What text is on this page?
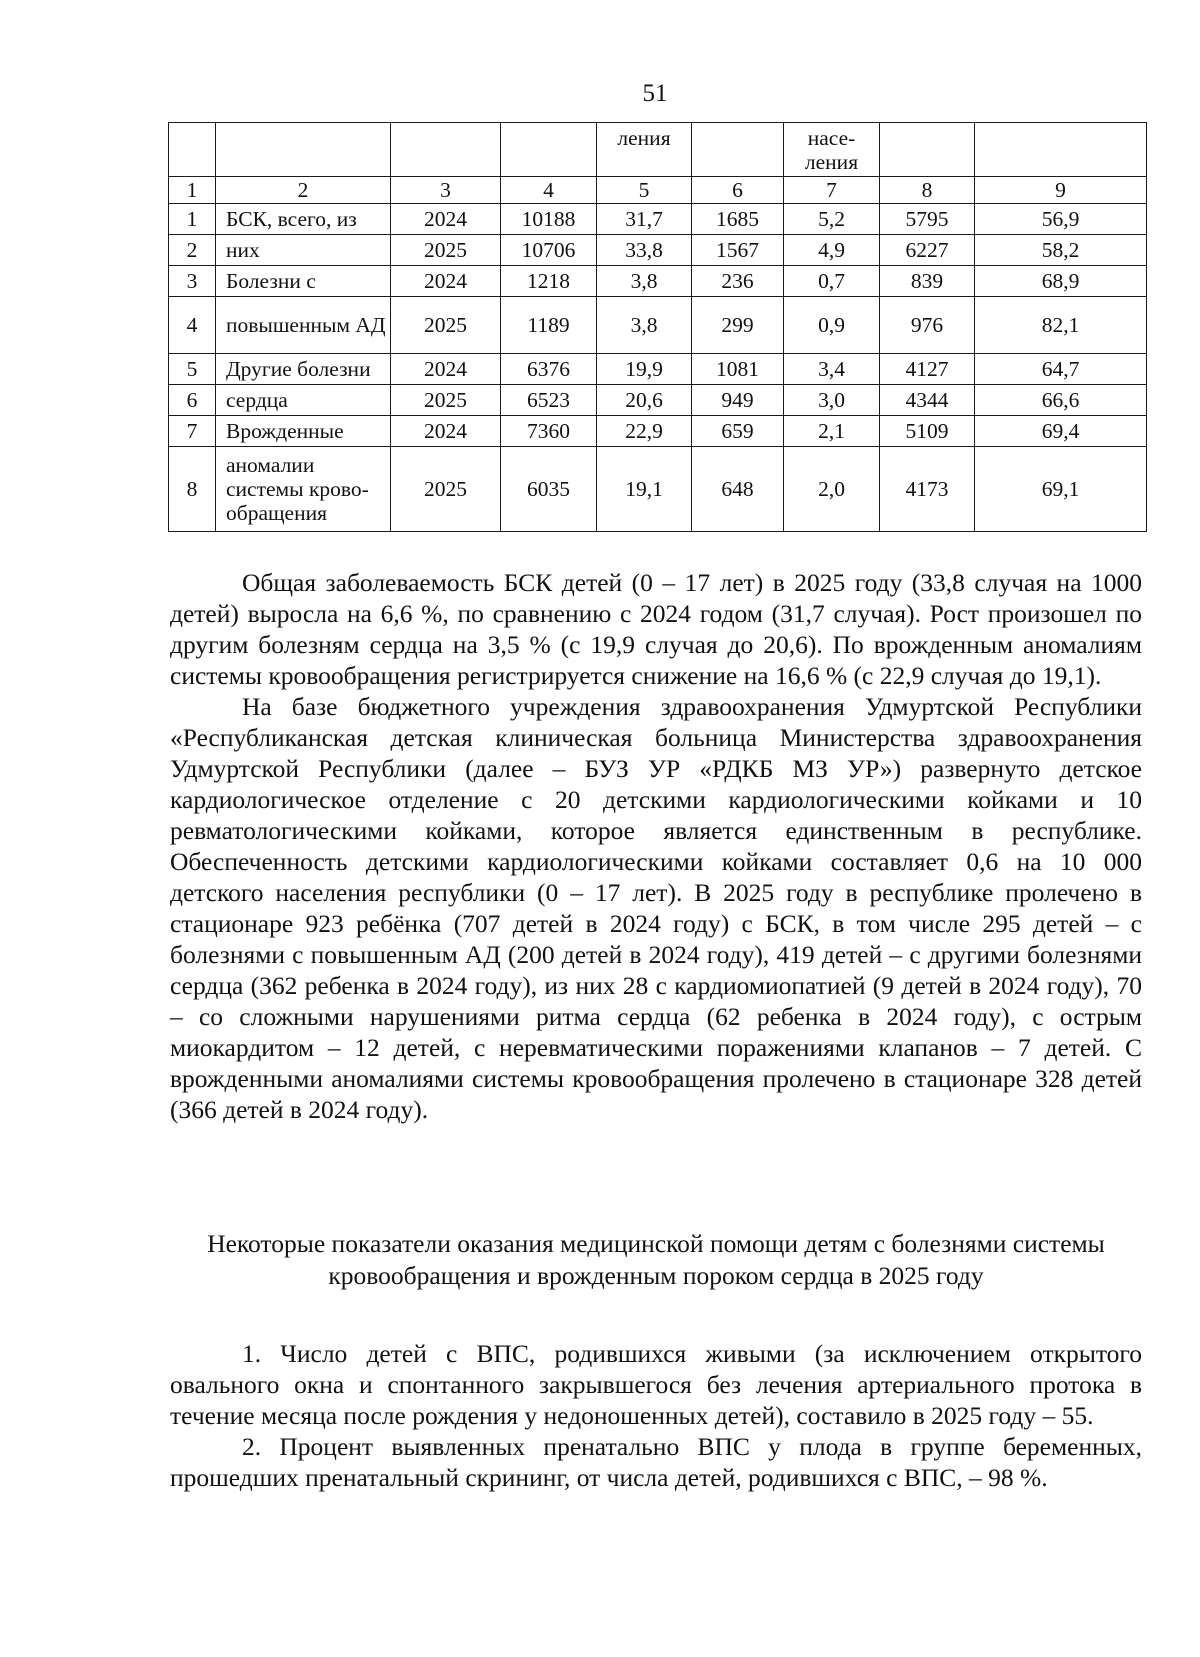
51
				ления		насе-
ления		
1	2	3	4	5	6	7	8	9
1	БСК, всего, из	2024	10188	31,7	1685	5,2	5795	56,9
2	них	2025	10706	33,8	1567	4,9	6227	58,2
3	Болезни с	2024	1218	3,8	236	0,7	839	68,9
4	повышенным АД	2025	1189	3,8	299	0,9	976	82,1
5	Другие болезни	2024	6376	19,9	1081	3,4	4127	64,7
6	сердца	2025	6523	20,6	949	3,0	4344	66,6
7	Врожденные	2024	7360	22,9	659	2,1	5109	69,4
8	аномалии системы крово-обращения	2025	6035	19,1	648	2,0	4173	69,1

Общая заболеваемость БСК детей (0 – 17 лет) в 2025 году (33,8 случая на 1000 детей) выросла на 6,6 %, по сравнению с 2024 годом (31,7 случая). Рост произошел по другим болезням сердца на 3,5 % (с 19,9 случая до 20,6). По врожденным аномалиям системы кровообращения регистрируется снижение на 16,6 % (с 22,9 случая до 19,1).

На базе бюджетного учреждения здравоохранения Удмуртской Республики «Республиканская детская клиническая больница Министерства здравоохранения Удмуртской Республики (далее – БУЗ УР «РДКБ МЗ УР») развернуто детское кардиологическое отделение с 20 детскими кардиологическими койками и 10 ревматологическими койками, которое является единственным в республике. Обеспеченность детскими кардиологическими койками составляет 0,6 на 10 000 детского населения республики (0 – 17 лет). В 2025 году в республике пролечено в стационаре 923 ребёнка (707 детей в 2024 году) с БСК, в том числе 295 детей – с болезнями с повышенным АД (200 детей в 2024 году), 419 детей – с другими болезнями сердца (362 ребенка в 2024 году), из них 28 с кардиомиопатией (9 детей в 2024 году), 70 – со сложными нарушениями ритма сердца (62 ребенка в 2024 году), с острым миокардитом – 12 детей, с неревматическими поражениями клапанов – 7 детей. С врожденными аномалиями системы кровообращения пролечено в стационаре 328 детей (366 детей в 2024 году).

Некоторые показатели оказания медицинской помощи детям с болезнями системы кровообращения и врожденным пороком сердца в 2025 году

1. Число детей с ВПС, родившихся живыми (за исключением открытого овального окна и спонтанного закрывшегося без лечения артериального протока в течение месяца после рождения у недоношенных детей), составило в 2025 году – 55.

2. Процент выявленных пренатально ВПС у плода в группе беременных, прошедших пренатальный скрининг, от числа детей, родившихся с ВПС, – 98 %.
